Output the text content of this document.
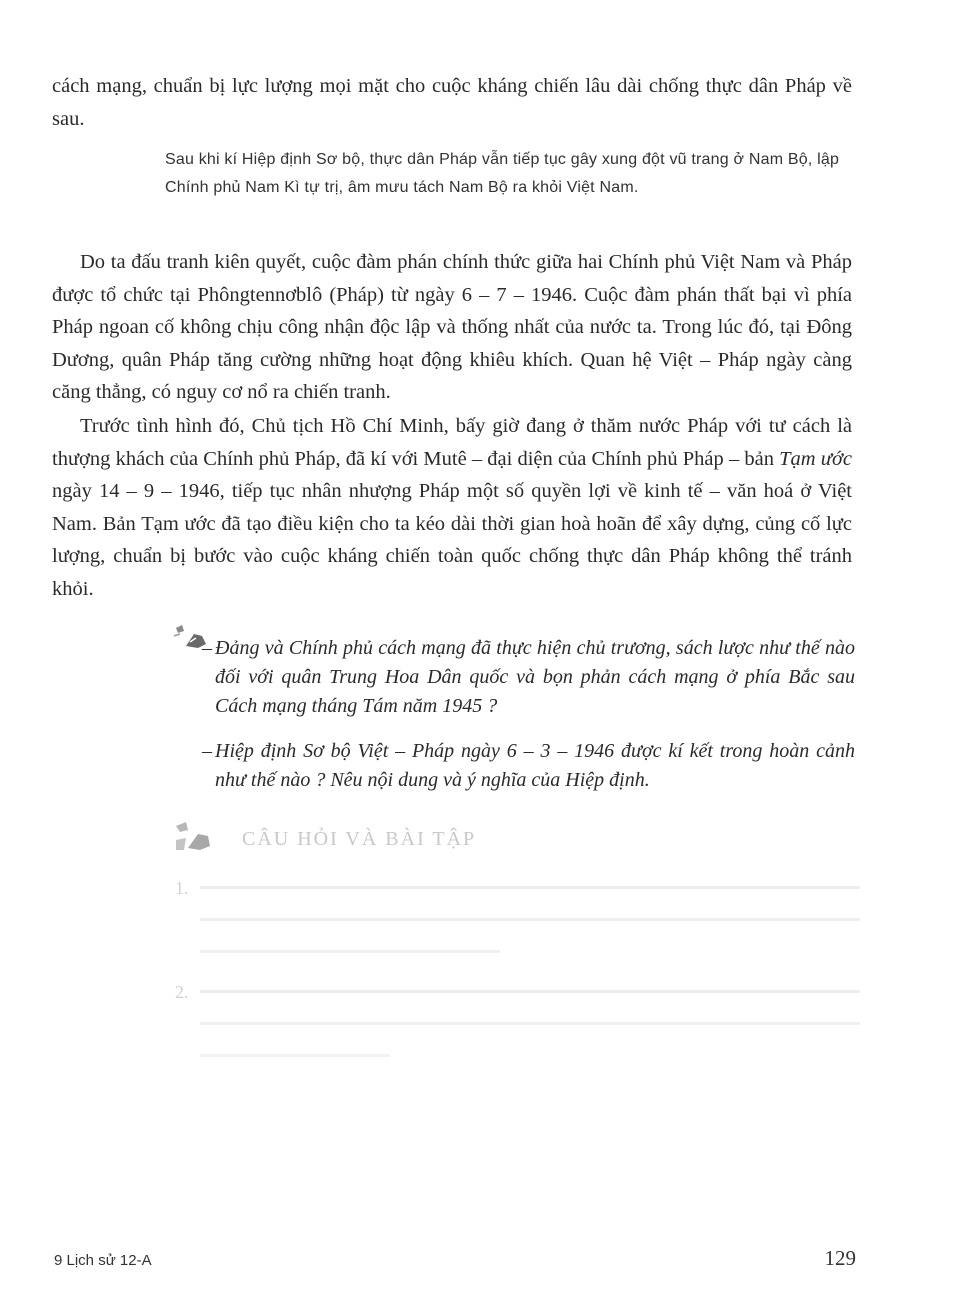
cách mạng, chuẩn bị lực lượng mọi mặt cho cuộc kháng chiến lâu dài chống thực dân Pháp về sau.

Sau khi kí Hiệp định Sơ bộ, thực dân Pháp vẫn tiếp tục gây xung đột vũ trang ở Nam Bộ, lập Chính phủ Nam Kì tự trị, âm mưu tách Nam Bộ ra khỏi Việt Nam.

Do ta đấu tranh kiên quyết, cuộc đàm phán chính thức giữa hai Chính phủ Việt Nam và Pháp được tổ chức tại Phôngtennơblô (Pháp) từ ngày 6 – 7 – 1946. Cuộc đàm phán thất bại vì phía Pháp ngoan cố không chịu công nhận độc lập và thống nhất của nước ta. Trong lúc đó, tại Đông Dương, quân Pháp tăng cường những hoạt động khiêu khích. Quan hệ Việt – Pháp ngày càng căng thẳng, có nguy cơ nổ ra chiến tranh.

Trước tình hình đó, Chủ tịch Hồ Chí Minh, bấy giờ đang ở thăm nước Pháp với tư cách là thượng khách của Chính phủ Pháp, đã kí với Mutê – đại diện của Chính phủ Pháp – bản Tạm ước ngày 14 – 9 – 1946, tiếp tục nhân nhượng Pháp một số quyền lợi về kinh tế – văn hoá ở Việt Nam. Bản Tạm ước đã tạo điều kiện cho ta kéo dài thời gian hoà hoãn để xây dựng, củng cố lực lượng, chuẩn bị bước vào cuộc kháng chiến toàn quốc chống thực dân Pháp không thể tránh khỏi.

– Đảng và Chính phủ cách mạng đã thực hiện chủ trương, sách lược như thế nào đối với quân Trung Hoa Dân quốc và bọn phản cách mạng ở phía Bắc sau Cách mạng tháng Tám năm 1945 ?

– Hiệp định Sơ bộ Việt – Pháp ngày 6 – 3 – 1946 được kí kết trong hoàn cảnh như thế nào ? Nêu nội dung và ý nghĩa của Hiệp định.

CÂU HỎI VÀ BÀI TẬP
1.
2.
9 Lịch sử 12-A	129
